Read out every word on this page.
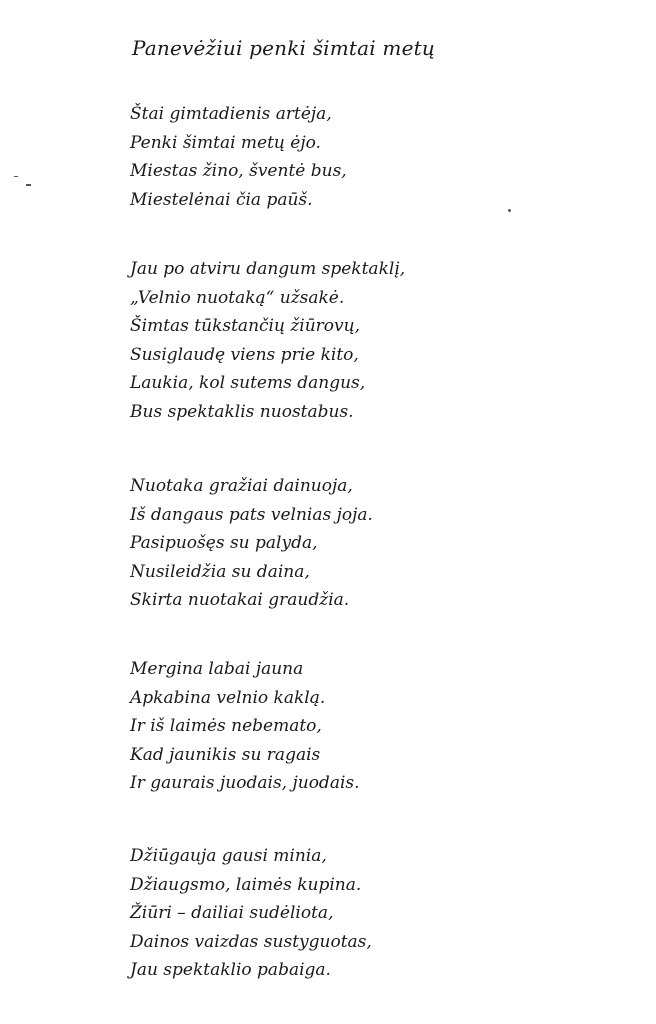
Panevėžiui penki šimtai metų
Štai gimtadienis artėja,
Penki šimtai metų ėjo.
Miestas žino, šventė bus,
Miestelėnai čia paūš.
Jau po atviru dangum spektaklį,
„Velnio nuotaką“ užsakė.
Šimtas tūkstančių žiūrovų,
Susiglaudę viens prie kito,
Laukia, kol sutems dangus,
Bus spektaklis nuostabus.
Nuotaka gražiai dainuoja,
Iš dangaus pats velnias joja.
Pasipuošęs su palyda,
Nusileidžia su daina,
Skirta nuotakai graudžia.
Mergina labai jauna
Apkabina velnio kaklą.
Ir iš laimės nebemato,
Kad jaunikis su ragais
Ir gaurais juodais, juodais.
Džiūgauja gausi minia,
Džiaugsmo, laimės kupina.
Žiūri – dailiai sudėliota,
Dainos vaizdas sustyguotas,
Jau spektaklio pabaiga.
